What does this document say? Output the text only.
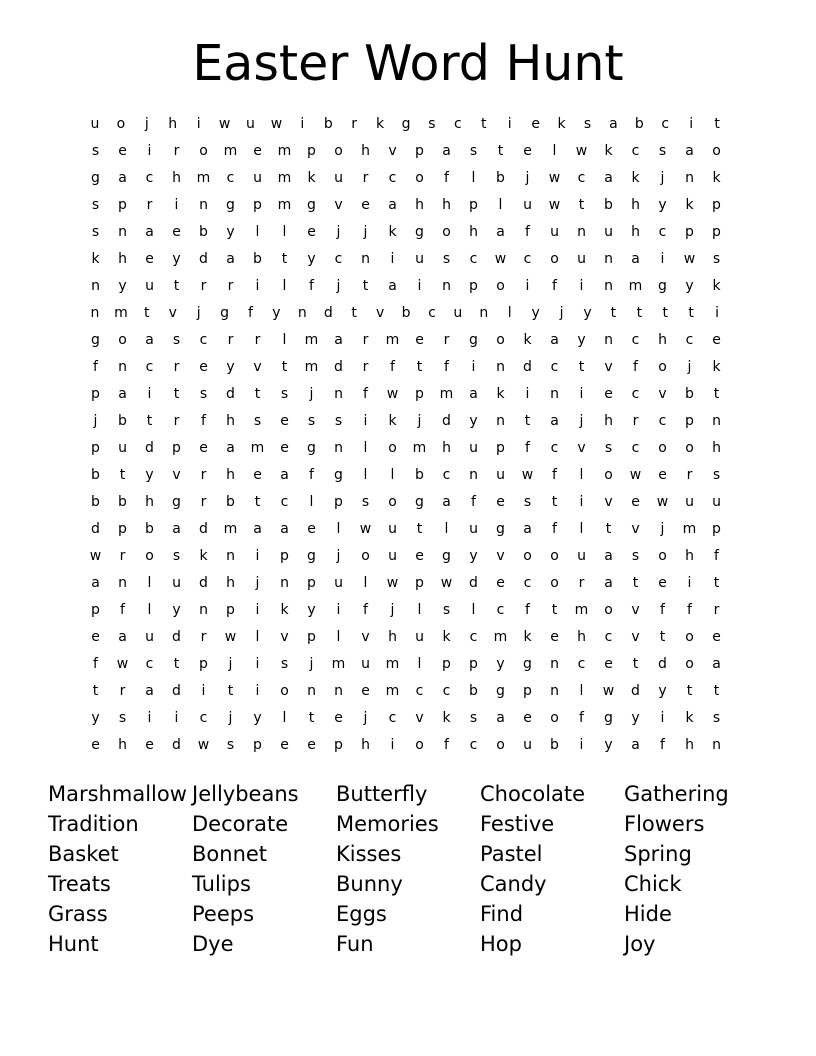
Easter Word Hunt
u	o	j	h	i	w	u	w	i	b	r	k	g	s	c	t	i	e	k	s	a	b	c	i	t
s	e	i	r	o	m	e	m	p	o	h	v	p	a	s	t	e	l	w	k	c	s	a	o
g	a	c	h	m	c	u	m	k	u	r	c	o	f	l	b	j	w	c	a	k	j	n	k
s	p	r	i	n	g	p	m	g	v	e	a	h	h	p	l	u	w	t	b	h	y	k	p
s	n	a	e	b	y	l	l	e	j	j	k	g	o	h	a	f	u	n	u	h	c	p	p
k	h	e	y	d	a	b	t	y	c	n	i	u	s	c	w	c	o	u	n	a	i	w	s
n	y	u	t	r	r	i	l	f	j	t	a	i	n	p	o	i	f	i	n	m	g	y	k
n	m	t	v	j	g	f	y	n	d	t	v	b	c	u	n	l	y	j	y	t	t	t	t	i
g	o	a	s	c	r	r	l	m	a	r	m	e	r	g	o	k	a	y	n	c	h	c	e
f	n	c	r	e	y	v	t	m	d	r	f	t	f	i	n	d	c	t	v	f	o	j	k
p	a	i	t	s	d	t	s	j	n	f	w	p	m	a	k	i	n	i	e	c	v	b	t
j	b	t	r	f	h	s	e	s	s	i	k	j	d	y	n	t	a	j	h	r	c	p	n
p	u	d	p	e	a	m	e	g	n	l	o	m	h	u	p	f	c	v	s	c	o	o	h
b	t	y	v	r	h	e	a	f	g	l	l	b	c	n	u	w	f	l	o	w	e	r	s
b	b	h	g	r	b	t	c	l	p	s	o	g	a	f	e	s	t	i	v	e	w	u	u
d	p	b	a	d	m	a	a	e	l	w	u	t	l	u	g	a	f	l	t	v	j	m	p
w	r	o	s	k	n	i	p	g	j	o	u	e	g	y	v	o	o	u	a	s	o	h	f
a	n	l	u	d	h	j	n	p	u	l	w	p	w	d	e	c	o	r	a	t	e	i	t
p	f	l	y	n	p	i	k	y	i	f	j	l	s	l	c	f	t	m	o	v	f	f	r
e	a	u	d	r	w	l	v	p	l	v	h	u	k	c	m	k	e	h	c	v	t	o	e
f	w	c	t	p	j	i	s	j	m	u	m	l	p	p	y	g	n	c	e	t	d	o	a
t	r	a	d	i	t	i	o	n	n	e	m	c	c	b	g	p	n	l	w	d	y	t	t
y	s	i	i	c	j	y	l	t	e	j	c	v	k	s	a	e	o	f	g	y	i	k	s
e	h	e	d	w	s	p	e	e	p	h	i	o	f	c	o	u	b	i	y	a	f	h	n
Marshmallow Jellybeans	Butterfly	Chocolate	Gathering
Tradition	Decorate	Memories	Festive	Flowers
Basket	Bonnet	Kisses	Pastel	Spring
Treats	Tulips	Bunny	Candy	Chick
Grass	Peeps	Eggs	Find	Hide
Hunt	Dye	Fun	Hop	Joy
